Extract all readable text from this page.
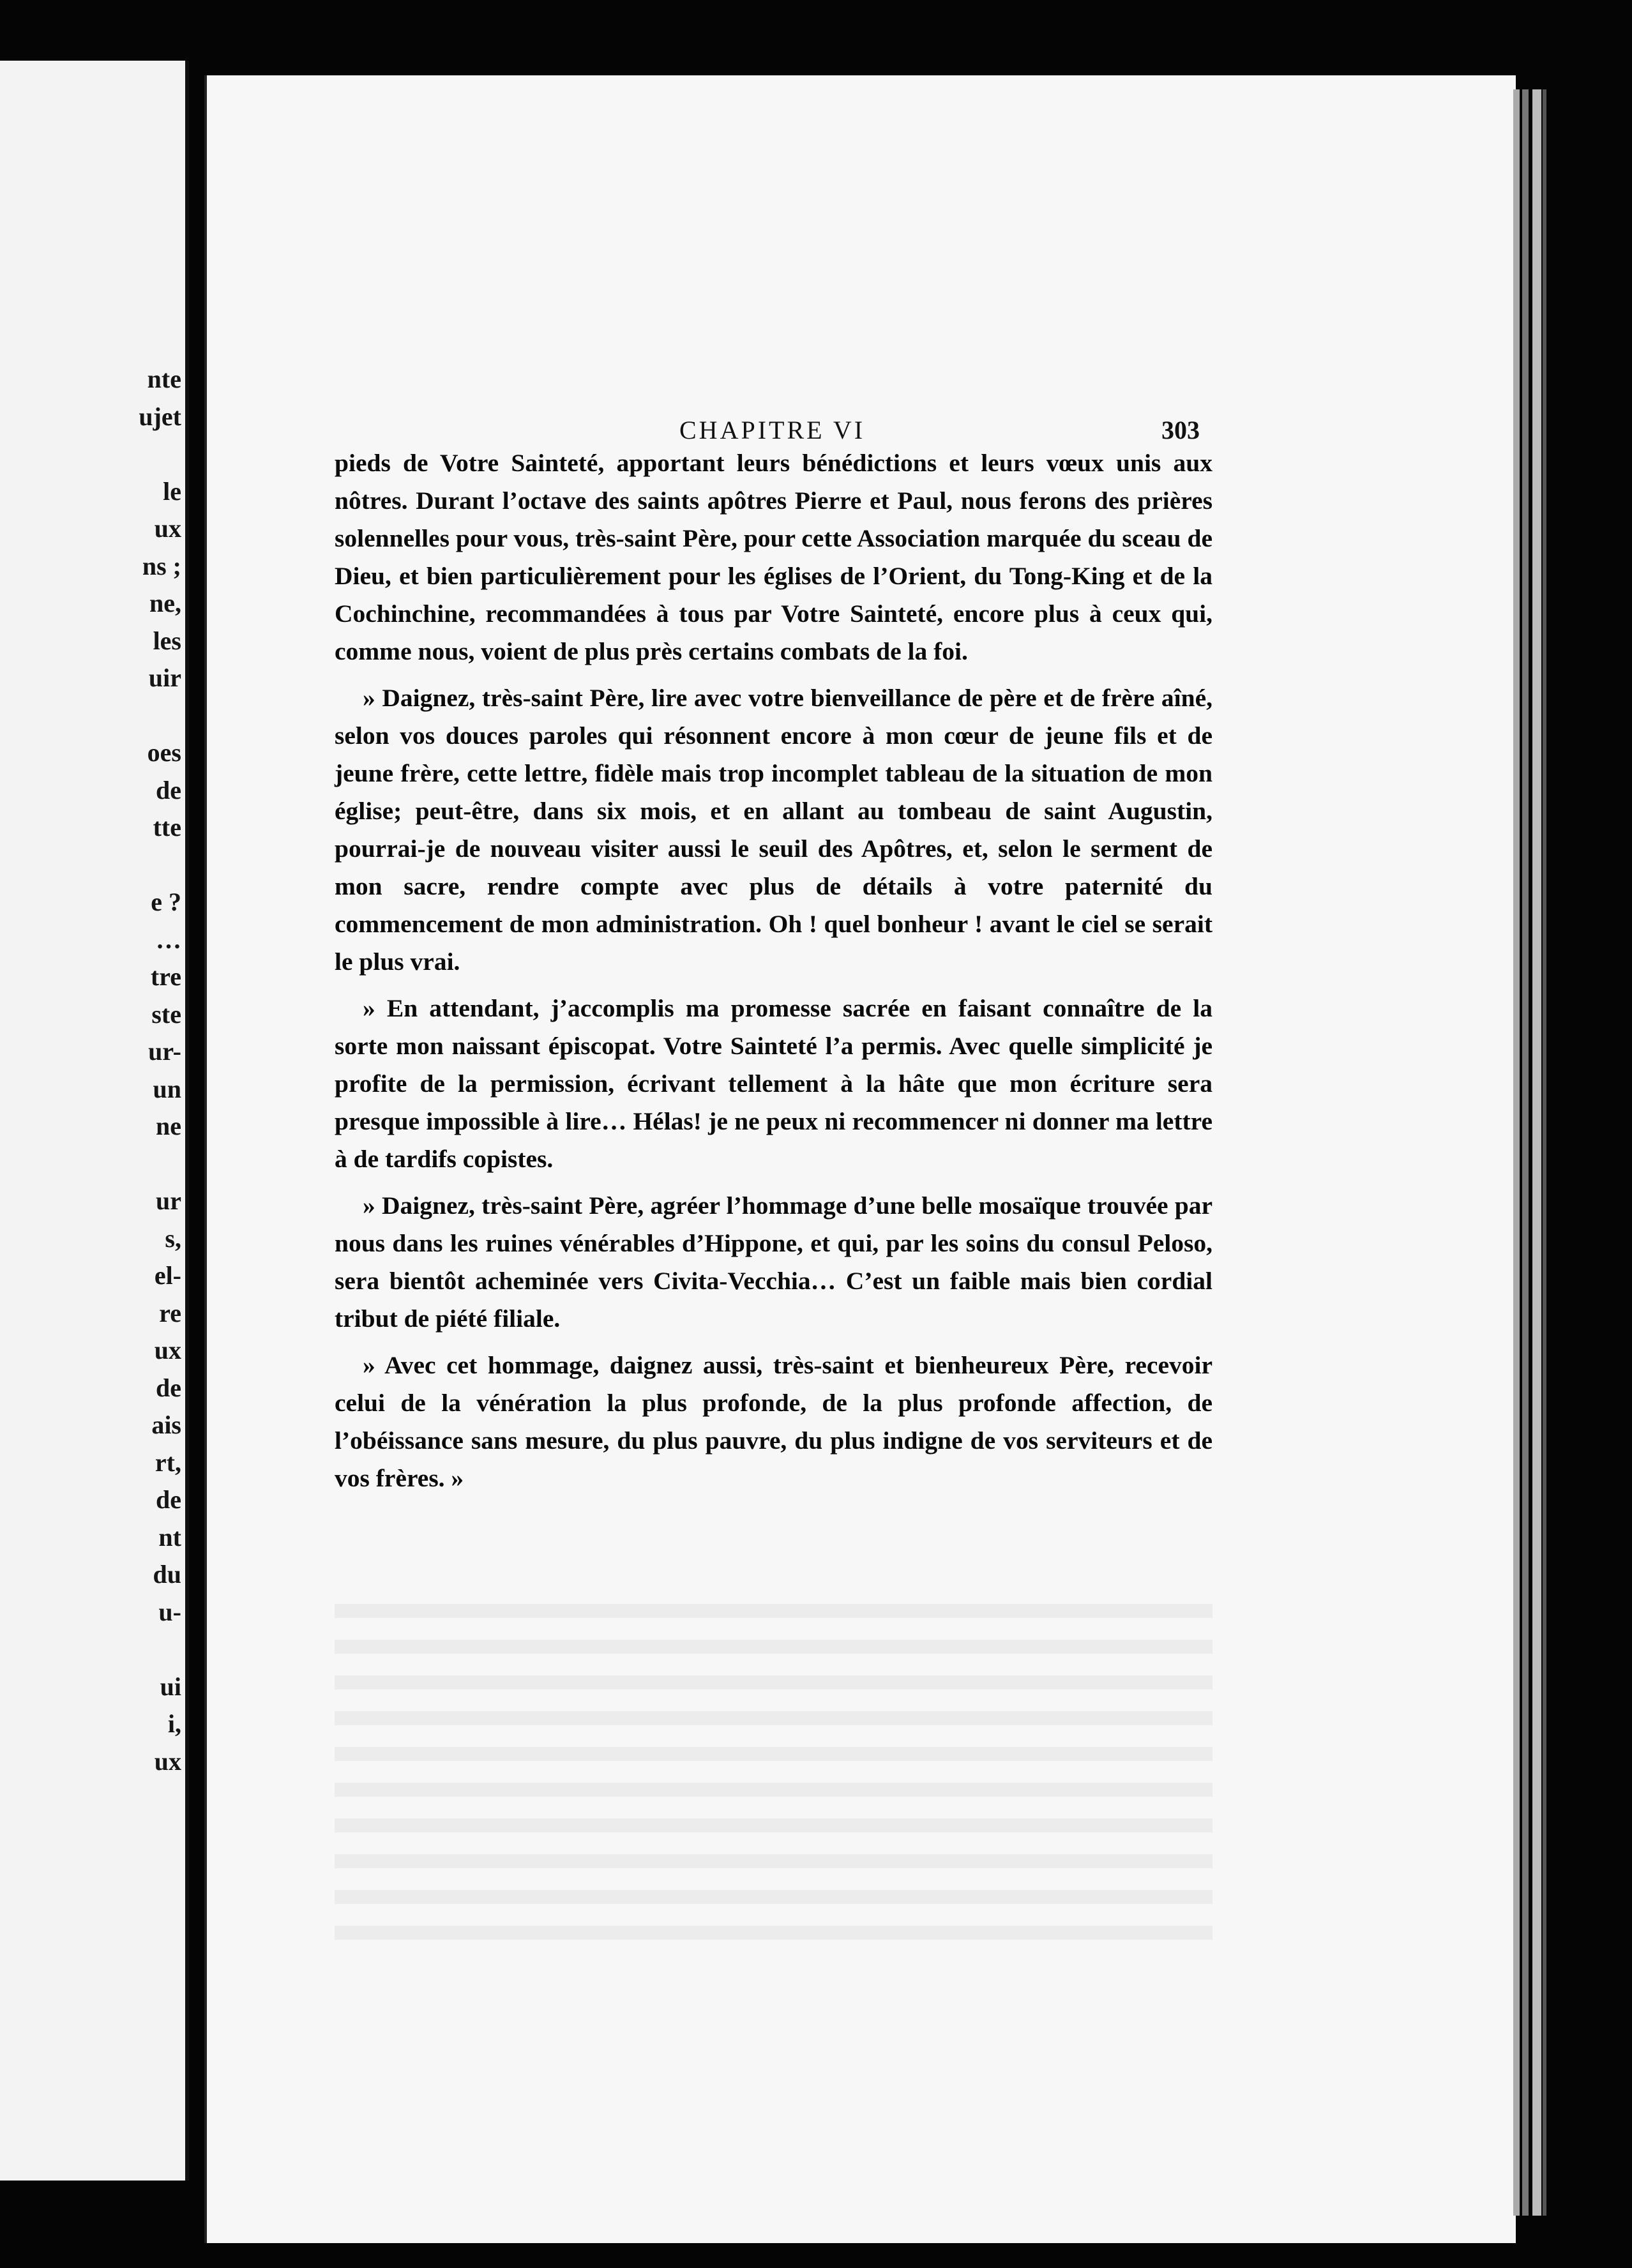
nte
ujet

le
ux
ns ;
ne,
les
uir

oes
de
tte

e ?
…
tre
ste
ur-
un
ne

ur
s,
el-
re
ux
de
ais
rt,
de
nt
du
u-

ui
i,
ux
CHAPITRE VI	303

pieds de Votre Sainteté, apportant leurs bénédictions et leurs vœux unis aux nôtres. Durant l’octave des saints apôtres Pierre et Paul, nous ferons des prières solennelles pour vous, très-saint Père, pour cette Association marquée du sceau de Dieu, et bien particulièrement pour les églises de l’Orient, du Tong-King et de la Cochinchine, recommandées à tous par Votre Sainteté, encore plus à ceux qui, comme nous, voient de plus près certains combats de la foi.

» Daignez, très-saint Père, lire avec votre bienveillance de père et de frère aîné, selon vos douces paroles qui résonnent encore à mon cœur de jeune fils et de jeune frère, cette lettre, fidèle mais trop incomplet tableau de la situation de mon église; peut-être, dans six mois, et en allant au tombeau de saint Augustin, pourrai-je de nouveau visiter aussi le seuil des Apôtres, et, selon le serment de mon sacre, rendre compte avec plus de détails à votre paternité du commencement de mon administration. Oh ! quel bonheur ! avant le ciel se serait le plus vrai.

» En attendant, j’accomplis ma promesse sacrée en faisant connaître de la sorte mon naissant épiscopat. Votre Sainteté l’a permis. Avec quelle simplicité je profite de la permission, écrivant tellement à la hâte que mon écriture sera presque impossible à lire… Hélas! je ne peux ni recommencer ni donner ma lettre à de tardifs copistes.

» Daignez, très-saint Père, agréer l’hommage d’une belle mosaïque trouvée par nous dans les ruines vénérables d’Hippone, et qui, par les soins du consul Peloso, sera bientôt acheminée vers Civita-Vecchia… C’est un faible mais bien cordial tribut de piété filiale.

» Avec cet hommage, daignez aussi, très-saint et bienheureux Père, recevoir celui de la vénération la plus profonde, de la plus profonde affection, de l’obéissance sans mesure, du plus pauvre, du plus indigne de vos serviteurs et de vos frères. »
